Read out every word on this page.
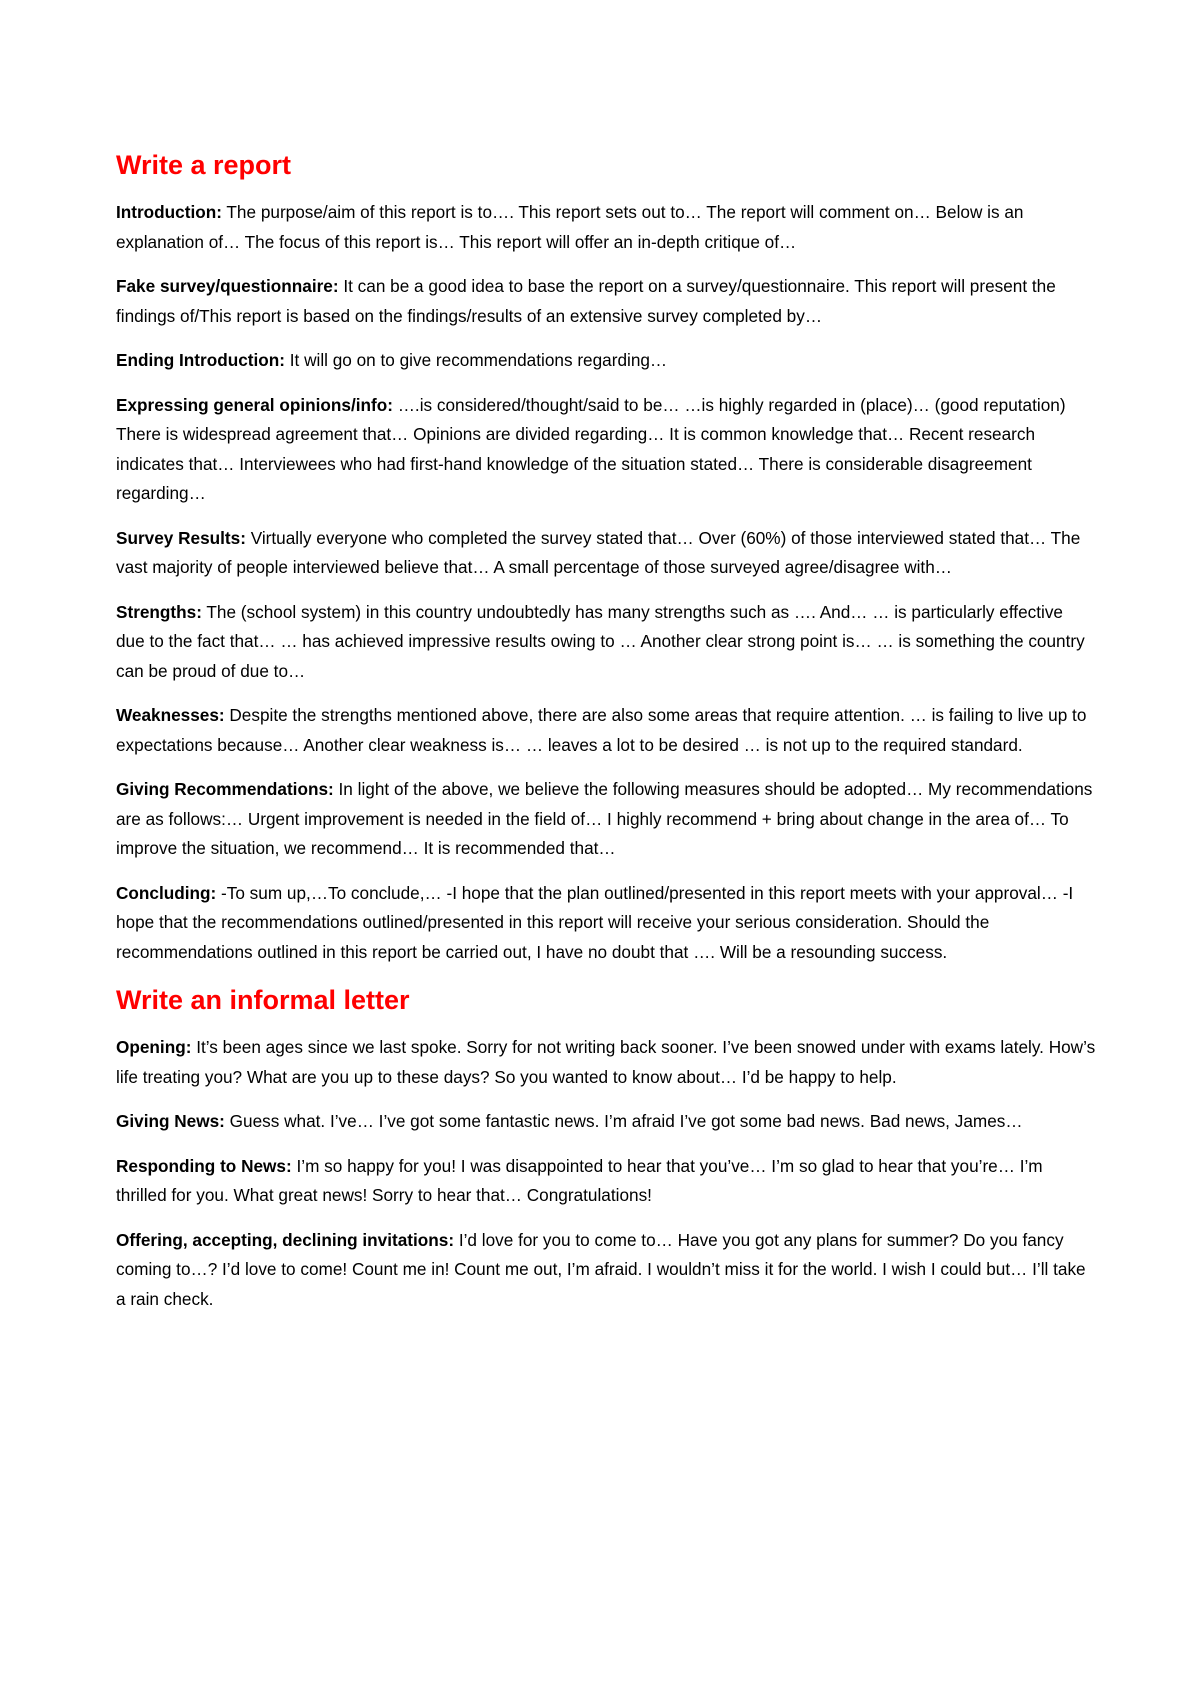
Write a report

Introduction: The purpose/aim of this report is to…. This report sets out to… The report will comment on… Below is an explanation of… The focus of this report is… This report will offer an in-depth critique of…

Fake survey/questionnaire: It can be a good idea to base the report on a survey/questionnaire. This report will present the findings of/This report is based on the findings/results of an extensive survey completed by…

Ending Introduction: It will go on to give recommendations regarding…

Expressing general opinions/info: ….is considered/thought/said to be… …is highly regarded in (place)… (good reputation) There is widespread agreement that… Opinions are divided regarding… It is common knowledge that… Recent research indicates that… Interviewees who had first-hand knowledge of the situation stated… There is considerable disagreement regarding…

Survey Results: Virtually everyone who completed the survey stated that… Over (60%) of those interviewed stated that… The vast majority of people interviewed believe that… A small percentage of those surveyed agree/disagree with…

Strengths: The (school system) in this country undoubtedly has many strengths such as …. And… … is particularly effective due to the fact that… … has achieved impressive results owing to … Another clear strong point is… … is something the country can be proud of due to…

Weaknesses: Despite the strengths mentioned above, there are also some areas that require attention. … is failing to live up to expectations because… Another clear weakness is… … leaves a lot to be desired … is not up to the required standard.

Giving Recommendations: In light of the above, we believe the following measures should be adopted… My recommendations are as follows:… Urgent improvement is needed in the field of… I highly recommend + bring about change in the area of… To improve the situation, we recommend… It is recommended that…

Concluding: -To sum up,…To conclude,… -I hope that the plan outlined/presented in this report meets with your approval… -I hope that the recommendations outlined/presented in this report will receive your serious consideration. Should the recommendations outlined in this report be carried out, I have no doubt that …. Will be a resounding success.

Write an informal letter

Opening: It’s been ages since we last spoke. Sorry for not writing back sooner. I’ve been snowed under with exams lately. How’s life treating you? What are you up to these days? So you wanted to know about… I’d be happy to help.

Giving News: Guess what. I’ve… I’ve got some fantastic news. I’m afraid I’ve got some bad news. Bad news, James…

Responding to News: I’m so happy for you! I was disappointed to hear that you’ve… I’m so glad to hear that you’re… I’m thrilled for you. What great news! Sorry to hear that… Congratulations!

Offering, accepting, declining invitations: I’d love for you to come to… Have you got any plans for summer? Do you fancy coming to…? I’d love to come! Count me in! Count me out, I’m afraid. I wouldn’t miss it for the world. I wish I could but… I’ll take a rain check.
